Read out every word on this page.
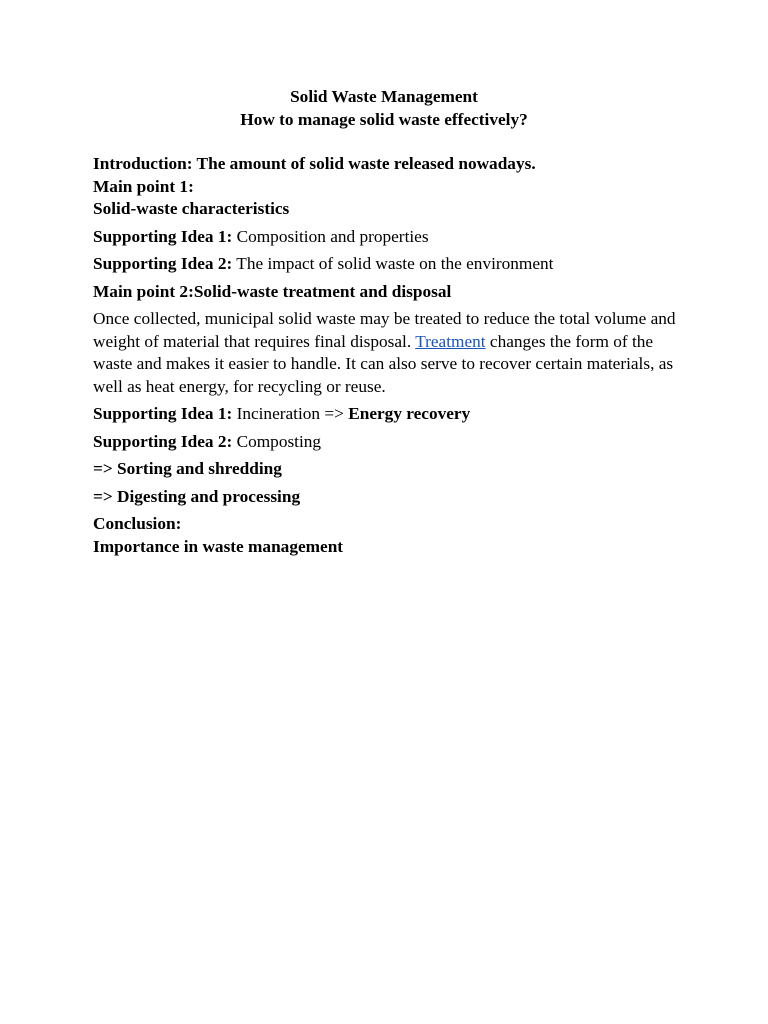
Solid Waste Management

How to manage solid waste effectively?

Introduction: The amount of solid waste released nowadays.

Main point 1:

Solid-waste characteristics

Supporting Idea 1: Composition and properties

Supporting Idea 2: The impact of solid waste on the environment

Main point 2:Solid-waste treatment and disposal

Once collected, municipal solid waste may be treated to reduce the total volume and weight of material that requires final disposal. Treatment changes the form of the waste and makes it easier to handle. It can also serve to recover certain materials, as well as heat energy, for recycling or reuse.

Supporting Idea 1: Incineration => Energy recovery

Supporting Idea 2: Composting

=> Sorting and shredding

=> Digesting and processing

Conclusion:

Importance in waste management
